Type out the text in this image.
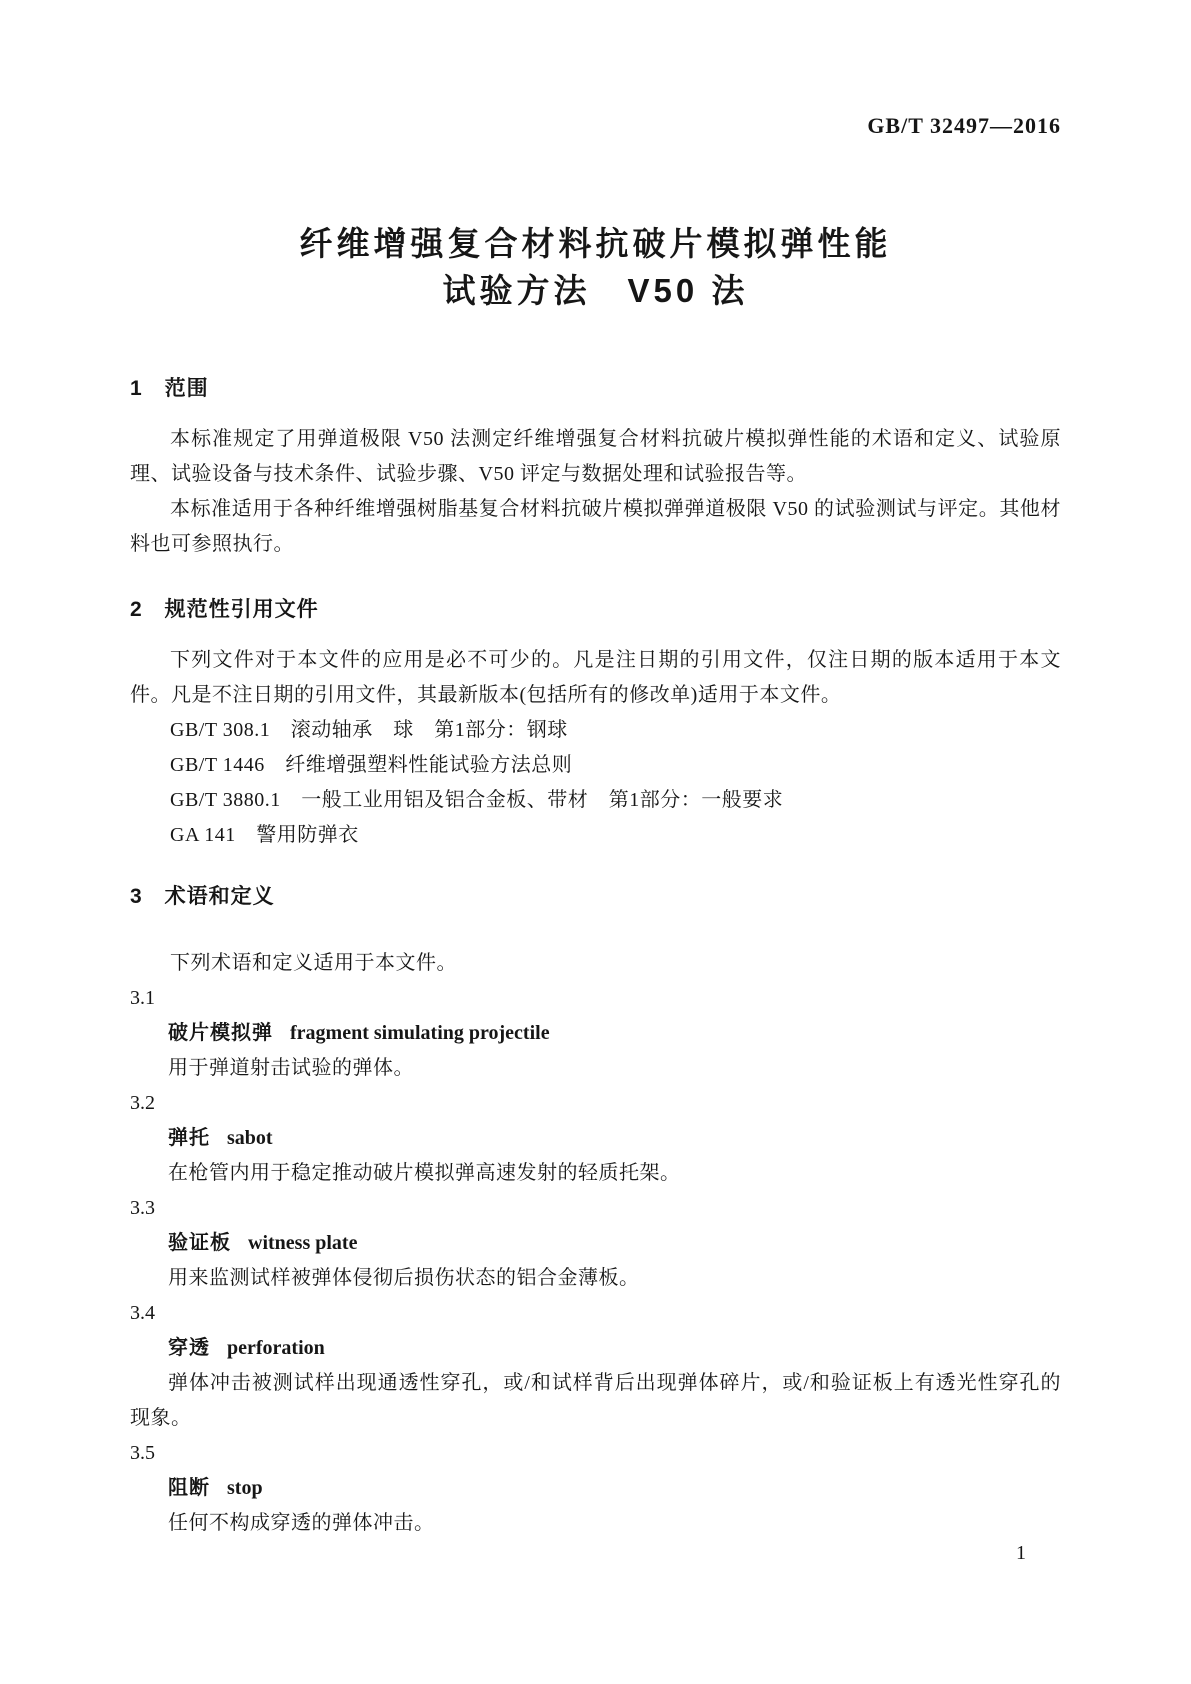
GB/T 32497—2016
纤维增强复合材料抗破片模拟弹性能
试验方法　V50 法
1　范围

本标准规定了用弹道极限 V50 法测定纤维增强复合材料抗破片模拟弹性能的术语和定义、试验原理、试验设备与技术条件、试验步骤、V50 评定与数据处理和试验报告等。

本标准适用于各种纤维增强树脂基复合材料抗破片模拟弹弹道极限 V50 的试验测试与评定。其他材料也可参照执行。

2　规范性引用文件

下列文件对于本文件的应用是必不可少的。凡是注日期的引用文件，仅注日期的版本适用于本文件。凡是不注日期的引用文件，其最新版本(包括所有的修改单)适用于本文件。

GB/T 308.1　滚动轴承　球　第1部分：钢球
GB/T 1446　纤维增强塑料性能试验方法总则
GB/T 3880.1　一般工业用铝及铝合金板、带材　第1部分：一般要求
GA 141　警用防弹衣
3　术语和定义

下列术语和定义适用于本文件。

3.1
破片模拟弹 fragment simulating projectile
用于弹道射击试验的弹体。
3.2
弹托 sabot
在枪管内用于稳定推动破片模拟弹高速发射的轻质托架。
3.3
验证板 witness plate
用来监测试样被弹体侵彻后损伤状态的铝合金薄板。
3.4
穿透 perforation
弹体冲击被测试样出现通透性穿孔，或/和试样背后出现弹体碎片，或/和验证板上有透光性穿孔的现象。
3.5
阻断 stop
任何不构成穿透的弹体冲击。
1
